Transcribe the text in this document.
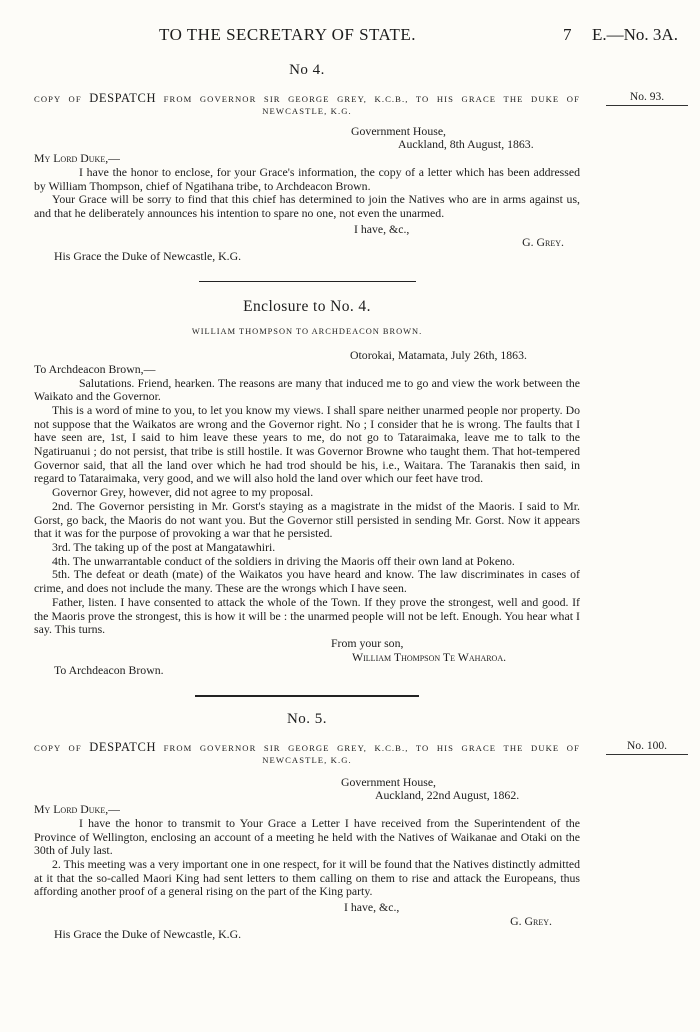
TO THE SECRETARY OF STATE.	7 E.—No. 3A.
No 4.
COPY OF DESPATCH FROM GOVERNOR SIR GEORGE GREY, K.C.B., TO HIS GRACE THE DUKE OF
NEWCASTLE, K.G.
No. 93.
Government House,
Auckland, 8th August, 1863.
My Lord Duke,—

I have the honor to enclose, for your Grace's information, the copy of a letter which has been addressed by William Thompson, chief of Ngatihana tribe, to Archdeacon Brown.

Your Grace will be sorry to find that this chief has determined to join the Natives who are in arms against us, and that he deliberately announces his intention to spare no one, not even the unarmed.

I have, &c.,
G. Grey.
His Grace the Duke of Newcastle, K.G.
Enclosure to No. 4.
WILLIAM THOMPSON TO ARCHDEACON BROWN.
Otorokai, Matamata, July 26th, 1863.
To Archdeacon Brown,—

Salutations. Friend, hearken. The reasons are many that induced me to go and view the work between the Waikato and the Governor.

This is a word of mine to you, to let you know my views. I shall spare neither unarmed people nor property. Do not suppose that the Waikatos are wrong and the Governor right. No ; I consider that he is wrong. The faults that I have seen are, 1st, I said to him leave these years to me, do not go to Tataraimaka, leave me to talk to the Ngatiruanui ; do not persist, that tribe is still hostile. It was Governor Browne who taught them. That hot-tempered Governor said, that all the land over which he had trod should be his, i.e., Waitara. The Taranakis then said, in regard to Tataraimaka, very good, and we will also hold the land over which our feet have trod.

Governor Grey, however, did not agree to my proposal.

2nd. The Governor persisting in Mr. Gorst's staying as a magistrate in the midst of the Maoris. I said to Mr. Gorst, go back, the Maoris do not want you. But the Governor still persisted in sending Mr. Gorst. Now it appears that it was for the purpose of provoking a war that he persisted.

3rd. The taking up of the post at Mangatawhiri.

4th. The unwarrantable conduct of the soldiers in driving the Maoris off their own land at Pokeno.

5th. The defeat or death (mate) of the Waikatos you have heard and know. The law discriminates in cases of crime, and does not include the many. These are the wrongs which I have seen.

Father, listen. I have consented to attack the whole of the Town. If they prove the strongest, well and good. If the Maoris prove the strongest, this is how it will be : the unarmed people will not be left. Enough. You hear what I say. This turns.

From your son,
William Thompson Te Waharoa.
To Archdeacon Brown.
No. 5.
COPY OF DESPATCH FROM GOVERNOR SIR GEORGE GREY, K.C.B., TO HIS GRACE THE DUKE OF
NEWCASTLE, K.G.
No. 100.
Government House,
Auckland, 22nd August, 1862.
My Lord Duke,—

I have the honor to transmit to Your Grace a Letter I have received from the Superintendent of the Province of Wellington, enclosing an account of a meeting he held with the Natives of Waikanae and Otaki on the 30th of July last.

2. This meeting was a very important one in one respect, for it will be found that the Natives distinctly admitted at it that the so-called Maori King had sent letters to them calling on them to rise and attack the Europeans, thus affording another proof of a general rising on the part of the King party.

I have, &c.,
G. Grey.
His Grace the Duke of Newcastle, K.G.
